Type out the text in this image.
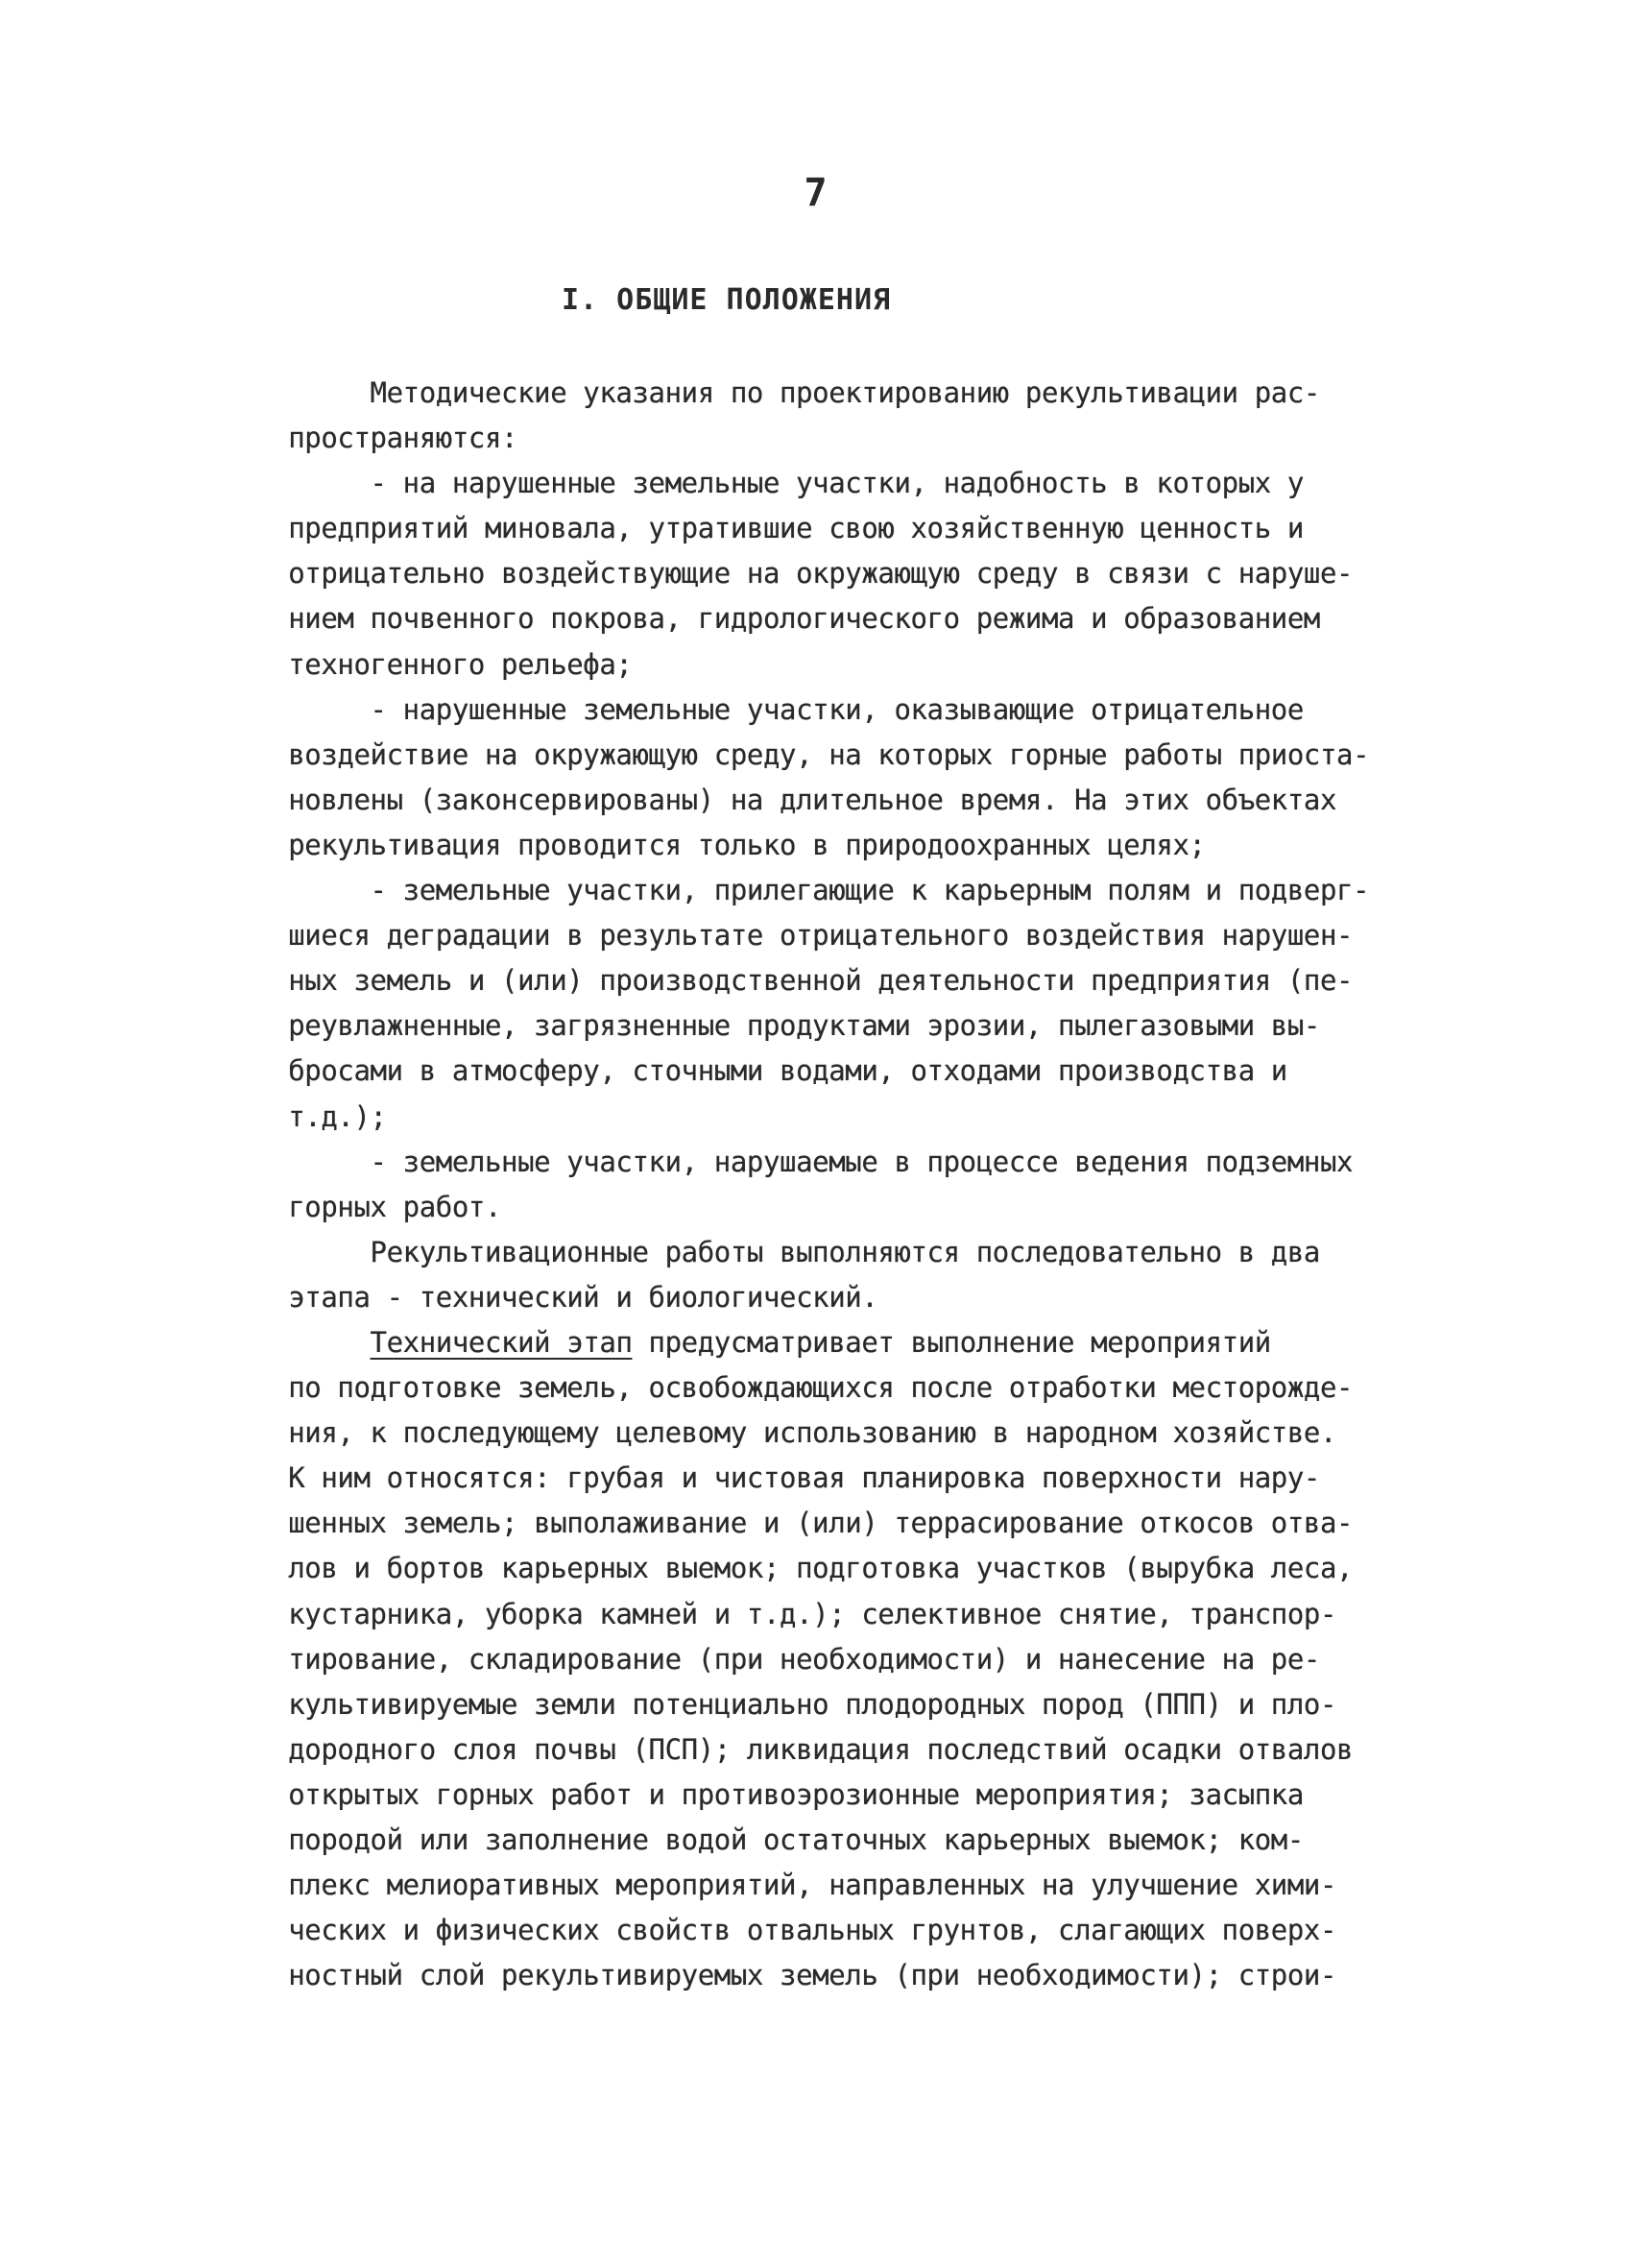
7
I. ОБЩИЕ ПОЛОЖЕНИЯ
Методические указания по проектированию рекультивации рас-
пространяются:
- на нарушенные земельные участки, надобность в которых у
предприятий миновала, утратившие свою хозяйственную ценность и
отрицательно воздействующие на окружающую среду в связи с наруше-
нием почвенного покрова, гидрологического режима и образованием
техногенного рельефа;
- нарушенные земельные участки, оказывающие отрицательное
воздействие на окружающую среду, на которых горные работы приоста-
новлены (законсервированы) на длительное время. На этих объектах
рекультивация проводится только в природоохранных целях;
- земельные участки, прилегающие к карьерным полям и подверг-
шиеся деградации в результате отрицательного воздействия нарушен-
ных земель и (или) производственной деятельности предприятия (пе-
реувлажненные, загрязненные продуктами эрозии, пылегазовыми вы-
бросами в атмосферу, сточными водами, отходами производства и
т.д.);
- земельные участки, нарушаемые в процессе ведения подземных
горных работ.
Рекультивационные работы выполняются последовательно в два
этапа - технический и биологический.
Технический этап предусматривает выполнение мероприятий
по подготовке земель, освобождающихся после отработки месторожде-
ния, к последующему целевому использованию в народном хозяйстве.
К ним относятся: грубая и чистовая планировка поверхности нару-
шенных земель; выполаживание и (или) террасирование откосов отва-
лов и бортов карьерных выемок; подготовка участков (вырубка леса,
кустарника, уборка камней и т.д.); селективное снятие, транспор-
тирование, складирование (при необходимости) и нанесение на ре-
культивируемые земли потенциально плодородных пород (ППП) и пло-
дородного слоя почвы (ПСП); ликвидация последствий осадки отвалов
открытых горных работ и противоэрозионные мероприятия; засыпка
породой или заполнение водой остаточных карьерных выемок; ком-
плекс мелиоративных мероприятий, направленных на улучшение хими-
ческих и физических свойств отвальных грунтов, слагающих поверх-
ностный слой рекультивируемых земель (при необходимости); строи-
